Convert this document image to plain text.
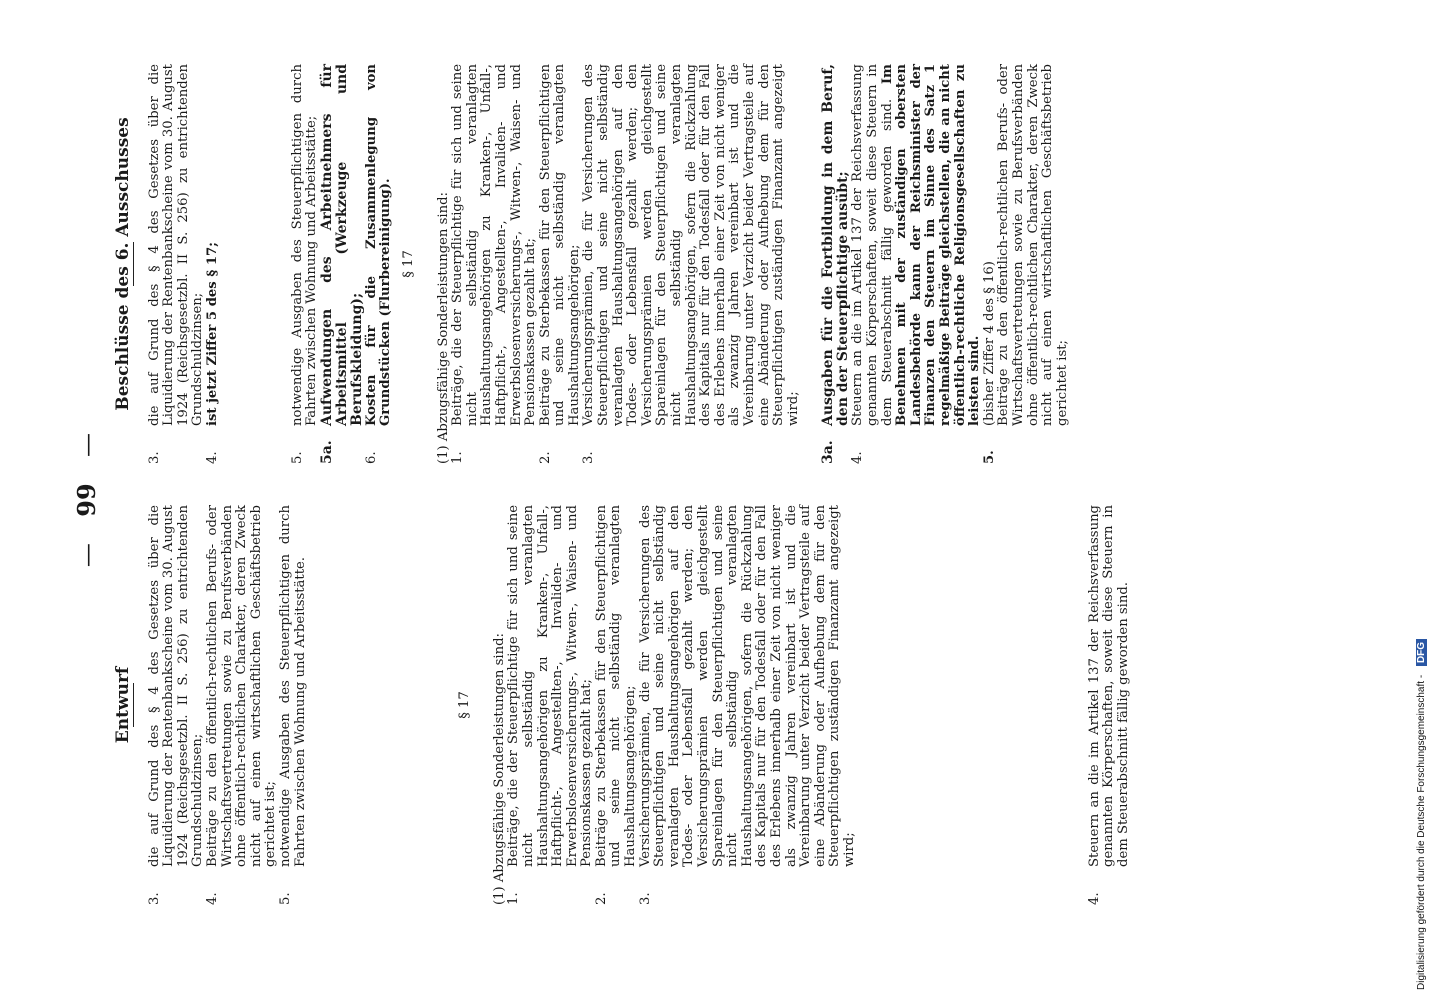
— 99 —
Entwurf
3.
die auf Grund des § 4 des Gesetzes über die Liquidierung der Rentenbankscheine vom 30. August 1924 (Reichsgesetzbl. II S. 256) zu entrichtenden Grundschuldzinsen;
4.
Beiträge zu den öffentlich-rechtlichen Berufs- oder Wirtschaftsvertretungen sowie zu Berufsverbänden ohne öffentlich-rechtlichen Charakter, deren Zweck nicht auf einen wirtschaftlichen Geschäftsbetrieb gerichtet ist;
5.
notwendige Ausgaben des Steuerpflichtigen durch Fahrten zwischen Wohnung und Arbeitsstätte.	§ 17 (1) Abzugsfähige Sonderleistungen sind: 1.
Beiträge, die der Steuerpflichtige für sich und seine nicht selbständig veranlagten Haushaltungsangehörigen zu Kranken-, Unfall-, Haftpflicht-, Angestellten-, Invaliden- und Erwerbslosenversicherungs-, Witwen-, Waisen- und Pensionskassen gezahlt hat;
2.
Beiträge zu Sterbekassen für den Steuerpflichtigen und seine nicht selbständig veranlagten Haushaltungsangehörigen;
3.
Versicherungsprämien, die für Versicherungen des Steuerpflichtigen und seine nicht selbständig veranlagten Haushaltungsangehörigen auf den Todes- oder Lebensfall gezahlt werden; den Versicherungsprämien werden gleichgestellt Spareinlagen für den Steuerpflichtigen und seine nicht selbständig veranlagten Haushaltungsangehörigen, sofern die Rückzahlung des Kapitals nur für den Todesfall oder für den Fall des Erlebens innerhalb einer Zeit von nicht weniger als zwanzig Jahren vereinbart ist und die Vereinbarung unter Verzicht beider Vertragsteile auf eine Abänderung oder Aufhebung dem für den Steuerpflichtigen zuständigen Finanzamt angezeigt wird;
4.
Steuern an die im Artikel 137 der Reichsverfassung genannten Körperschaften, soweit diese Steuern in dem Steuerabschnitt fällig geworden sind.
Beschlüsse des 6. Ausschusses
3.
die auf Grund des § 4 des Gesetzes über die Liquidierung der Rentenbankscheine vom 30. August 1924 (Reichsgesetzbl. II S. 256) zu entrichtenden Grundschuldzinsen;
4.
ist jetzt Ziffer 5 des § 17;
5.
notwendige Ausgaben des Steuerpflichtigen durch Fahrten zwischen Wohnung und Arbeitsstätte;
5a.
Aufwendungen des Arbeitnehmers für Arbeitsmittel (Werkzeuge und Berufskleidung);
6.
Kosten für die Zusammenlegung von Grundstücken (Flurbereinigung). § 17 (1) Abzugsfähige Sonderleistungen sind: 1.
Beiträge, die der Steuerpflichtige für sich und seine nicht selbständig veranlagten Haushaltungsangehörigen zu Kranken-, Unfall-, Haftpflicht-, Angestellten-, Invaliden- und Erwerbslosenversicherungs-, Witwen-, Waisen- und Pensionskassen gezahlt hat;
2.
Beiträge zu Sterbekassen für den Steuerpflichtigen und seine nicht selbständig veranlagten Haushaltungsangehörigen;
3.
Versicherungsprämien, die für Versicherungen des Steuerpflichtigen und seine nicht selbständig veranlagten Haushaltungsangehörigen auf den Todes- oder Lebensfall gezahlt werden; den Versicherungsprämien werden gleichgestellt Spareinlagen für den Steuerpflichtigen und seine nicht selbständig veranlagten Haushaltungsangehörigen, sofern die Rückzahlung des Kapitals nur für den Todesfall oder für den Fall des Erlebens innerhalb einer Zeit von nicht weniger als zwanzig Jahren vereinbart ist und die Vereinbarung unter Verzicht beider Vertragsteile auf eine Abänderung oder Aufhebung dem für den Steuerpflichtigen zuständigen Finanzamt angezeigt wird;
3a.
Ausgaben für die Fortbildung in dem Beruf, den der Steuerpflichtige ausübt;
4.
Steuern an die im Artikel 137 der Reichsverfassung genannten Körperschaften, soweit diese Steuern in dem Steuerabschnitt fällig geworden sind. Im Benehmen mit der zuständigen obersten Landesbehörde kann der Reichsminister der Finanzen den Steuern im Sinne des Satz 1 regelmäßige Beiträge gleichstellen, die an nicht öffentlich-rechtliche Religionsgesellschaften zu leisten sind.
5.
(bisher Ziffer 4 des § 16) Beiträge zu den öffentlich-rechtlichen Berufs- oder Wirtschaftsvertretungen sowie zu Berufsverbänden ohne öffentlich-rechtlichen Charakter, deren Zweck nicht auf einen wirtschaftlichen Geschäftsbetrieb gerichtet ist;
Digitalisierung gefördert durch die Deutsche Forschungsgemeinschaft - DFG
